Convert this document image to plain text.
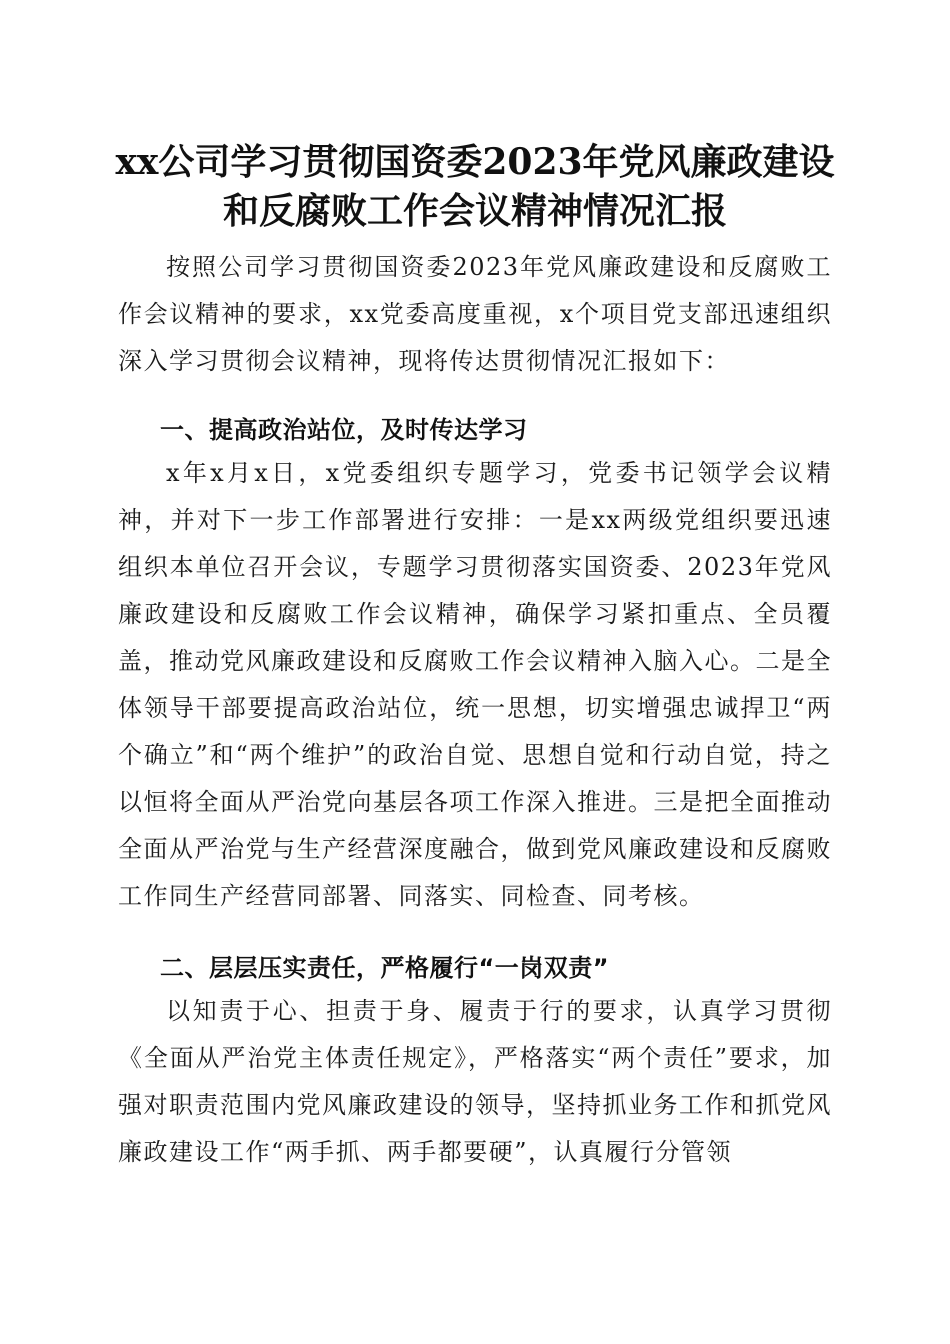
xx公司学习贯彻国资委2023年党风廉政建设
和反腐败工作会议精神情况汇报

按照公司学习贯彻国资委2023年党风廉政建设和反腐败工作会议精神的要求，xx党委高度重视，x个项目党支部迅速组织深入学习贯彻会议精神，现将传达贯彻情况汇报如下：

一、提高政治站位，及时传达学习

x年x月x日，x党委组织专题学习，党委书记领学会议精神，并对下一步工作部署进行安排：一是xx两级党组织要迅速组织本单位召开会议，专题学习贯彻落实国资委、2023年党风廉政建设和反腐败工作会议精神，确保学习紧扣重点、全员覆盖，推动党风廉政建设和反腐败工作会议精神入脑入心。二是全体领导干部要提高政治站位，统一思想，切实增强忠诚捍卫“两个确立”和“两个维护”的政治自觉、思想自觉和行动自觉，持之以恒将全面从严治党向基层各项工作深入推进。三是把全面推动全面从严治党与生产经营深度融合，做到党风廉政建设和反腐败工作同生产经营同部署、同落实、同检查、同考核。

二、层层压实责任，严格履行“一岗双责”

以知责于心、担责于身、履责于行的要求，认真学习贯彻《全面从严治党主体责任规定》，严格落实“两个责任”要求，加强对职责范围内党风廉政建设的领导，坚持抓业务工作和抓党风廉政建设工作“两手抓、两手都要硬”，认真履行分管领
